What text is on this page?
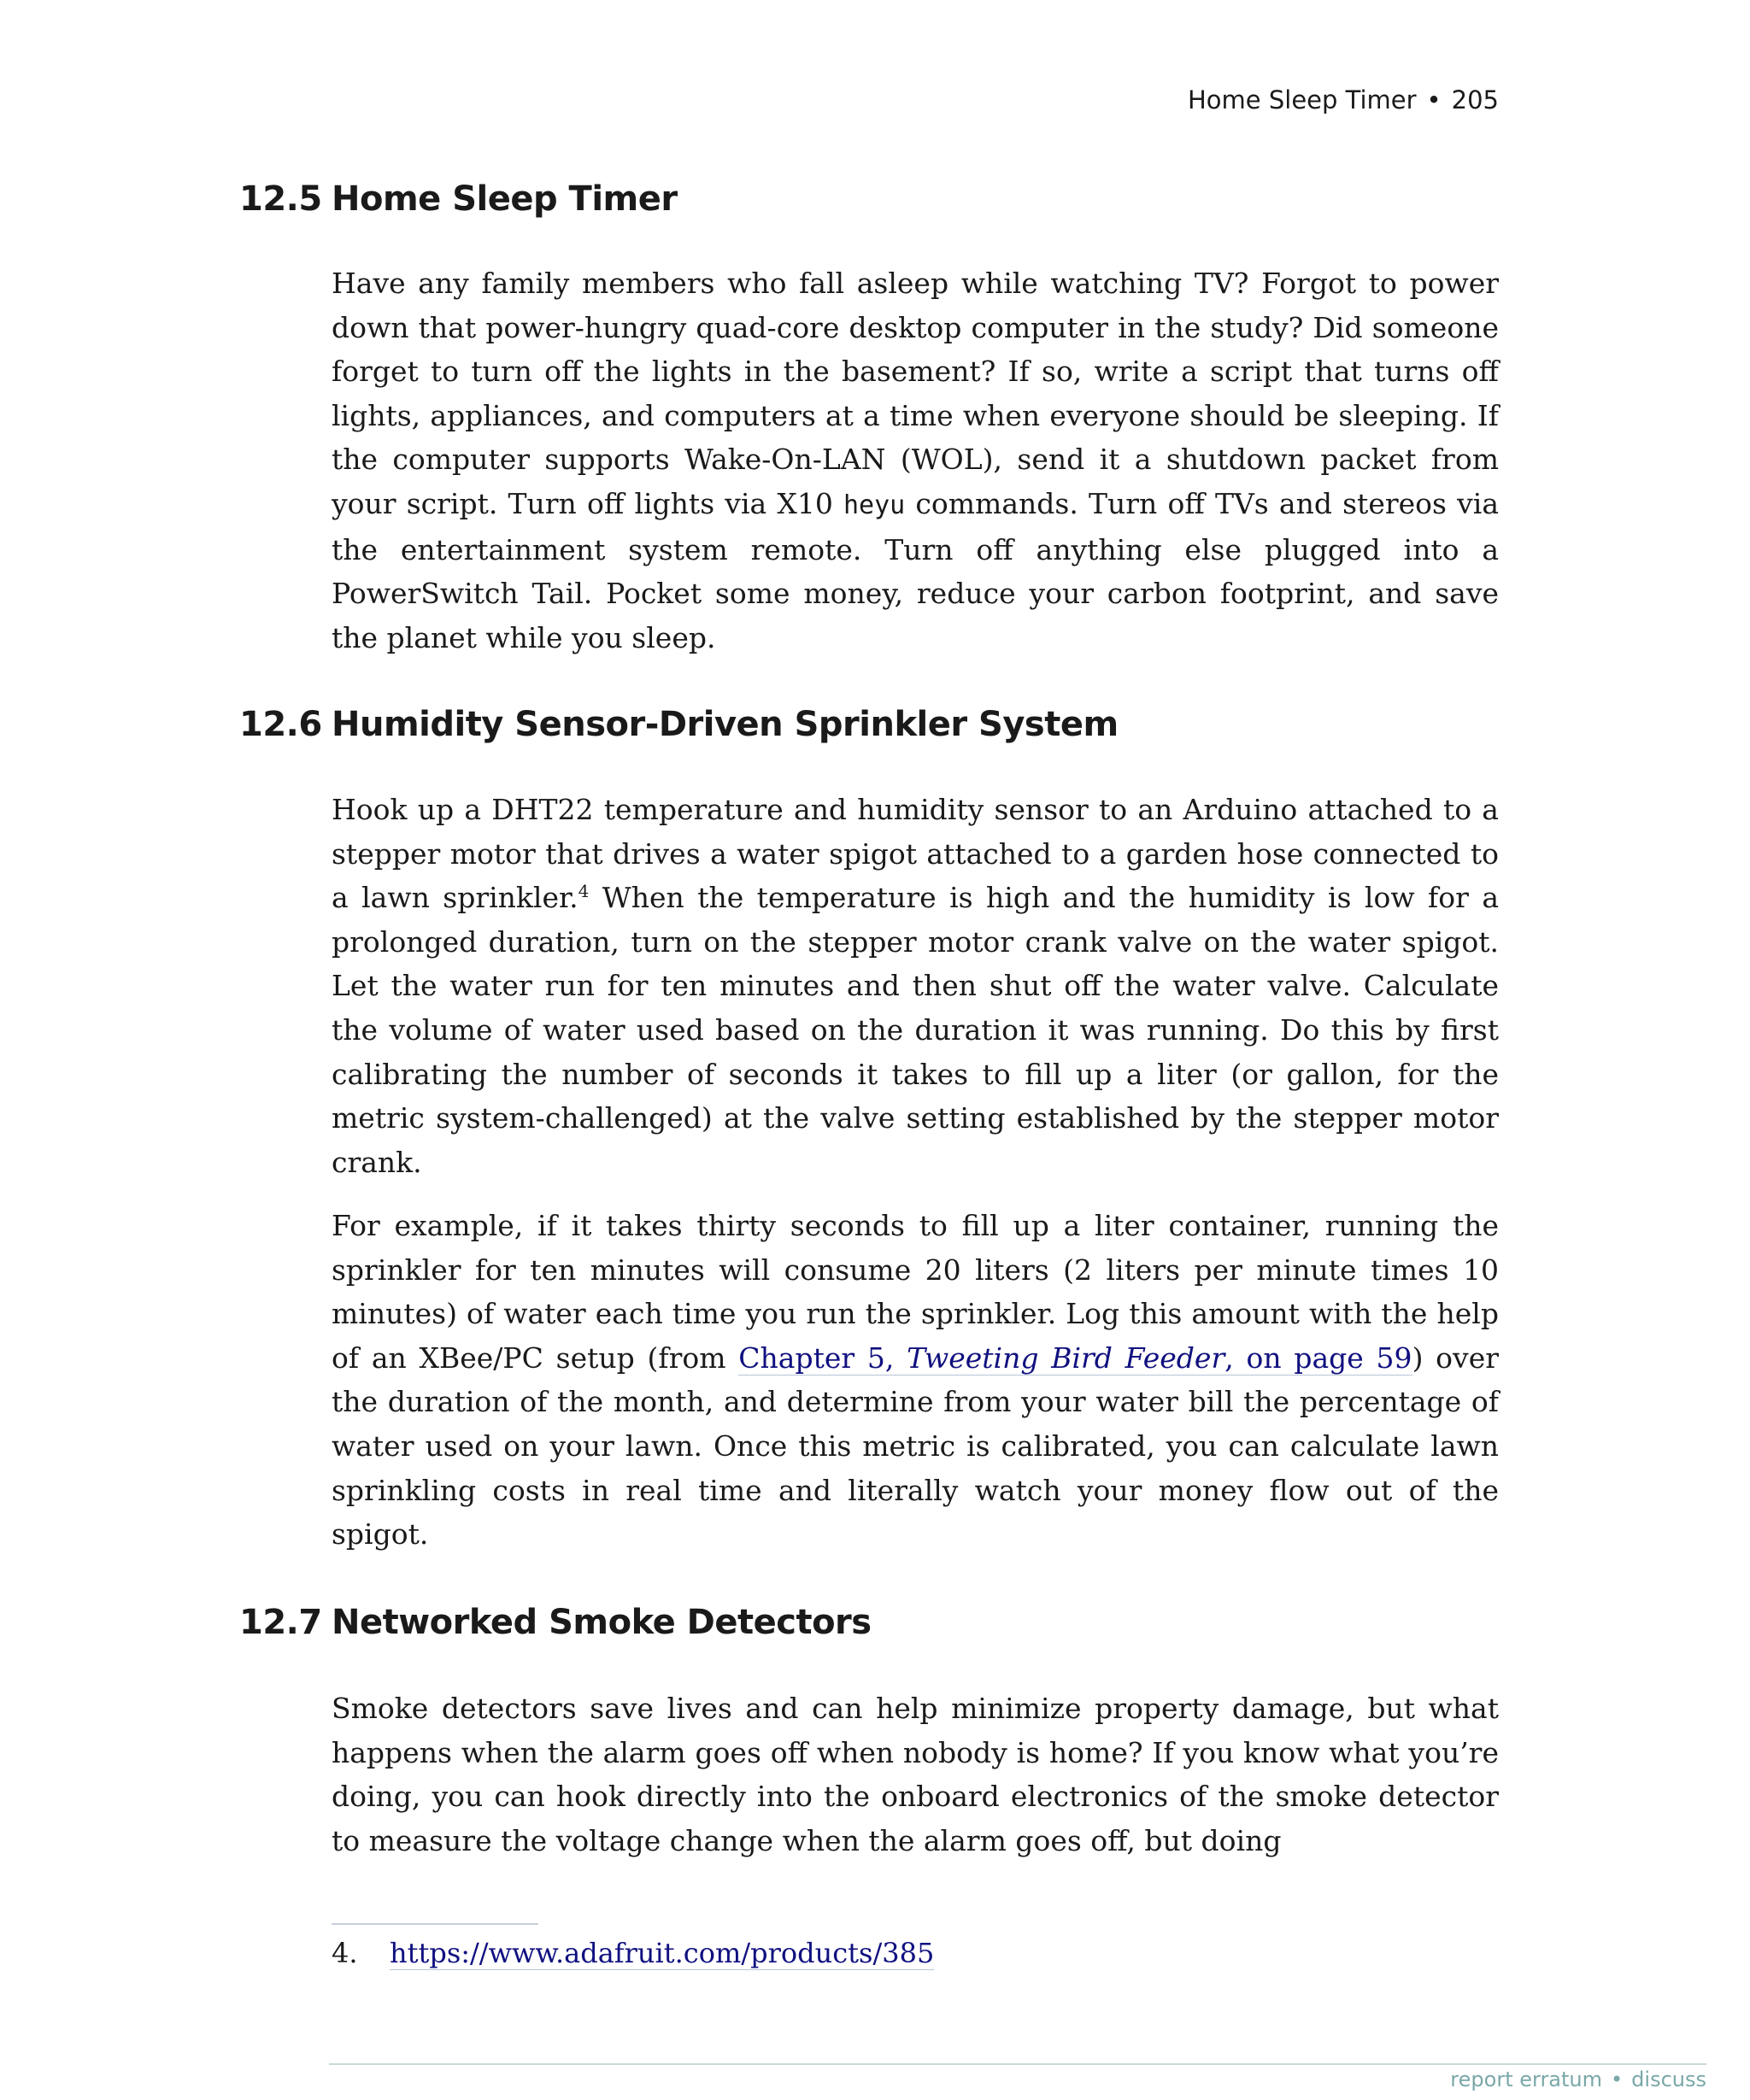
Home Sleep Timer • 205
12.5 Home Sleep Timer

Have any family members who fall asleep while watching TV? Forgot to power down that power-hungry quad-core desktop computer in the study? Did someone forget to turn off the lights in the basement? If so, write a script that turns off lights, appliances, and computers at a time when everyone should be sleeping. If the computer supports Wake-On-LAN (WOL), send it a shutdown packet from your script. Turn off lights via X10 heyu commands. Turn off TVs and stereos via the entertainment system remote. Turn off anything else plugged into a PowerSwitch Tail. Pocket some money, reduce your carbon footprint, and save the planet while you sleep.

12.6 Humidity Sensor-Driven Sprinkler System

Hook up a DHT22 temperature and humidity sensor to an Arduino attached to a stepper motor that drives a water spigot attached to a garden hose connected to a lawn sprinkler.$^4$ When the temperature is high and the humidity is low for a prolonged duration, turn on the stepper motor crank valve on the water spigot. Let the water run for ten minutes and then shut off the water valve. Calculate the volume of water used based on the duration it was running. Do this by first calibrating the number of seconds it takes to fill up a liter (or gallon, for the metric system-challenged) at the valve setting established by the stepper motor crank.

For example, if it takes thirty seconds to fill up a liter container, running the sprinkler for ten minutes will consume 20 liters (2 liters per minute times 10 minutes) of water each time you run the sprinkler. Log this amount with the help of an XBee/PC setup (from Chapter 5, Tweeting Bird Feeder, on page 59) over the duration of the month, and determine from your water bill the percentage of water used on your lawn. Once this metric is calibrated, you can calculate lawn sprinkling costs in real time and literally watch your money flow out of the spigot.

12.7 Networked Smoke Detectors

Smoke detectors save lives and can help minimize property damage, but what happens when the alarm goes off when nobody is home? If you know what you’re doing, you can hook directly into the onboard electronics of the smoke detector to measure the voltage change when the alarm goes off, but doing

4. https://www.adafruit.com/products/385
report erratum • discuss
